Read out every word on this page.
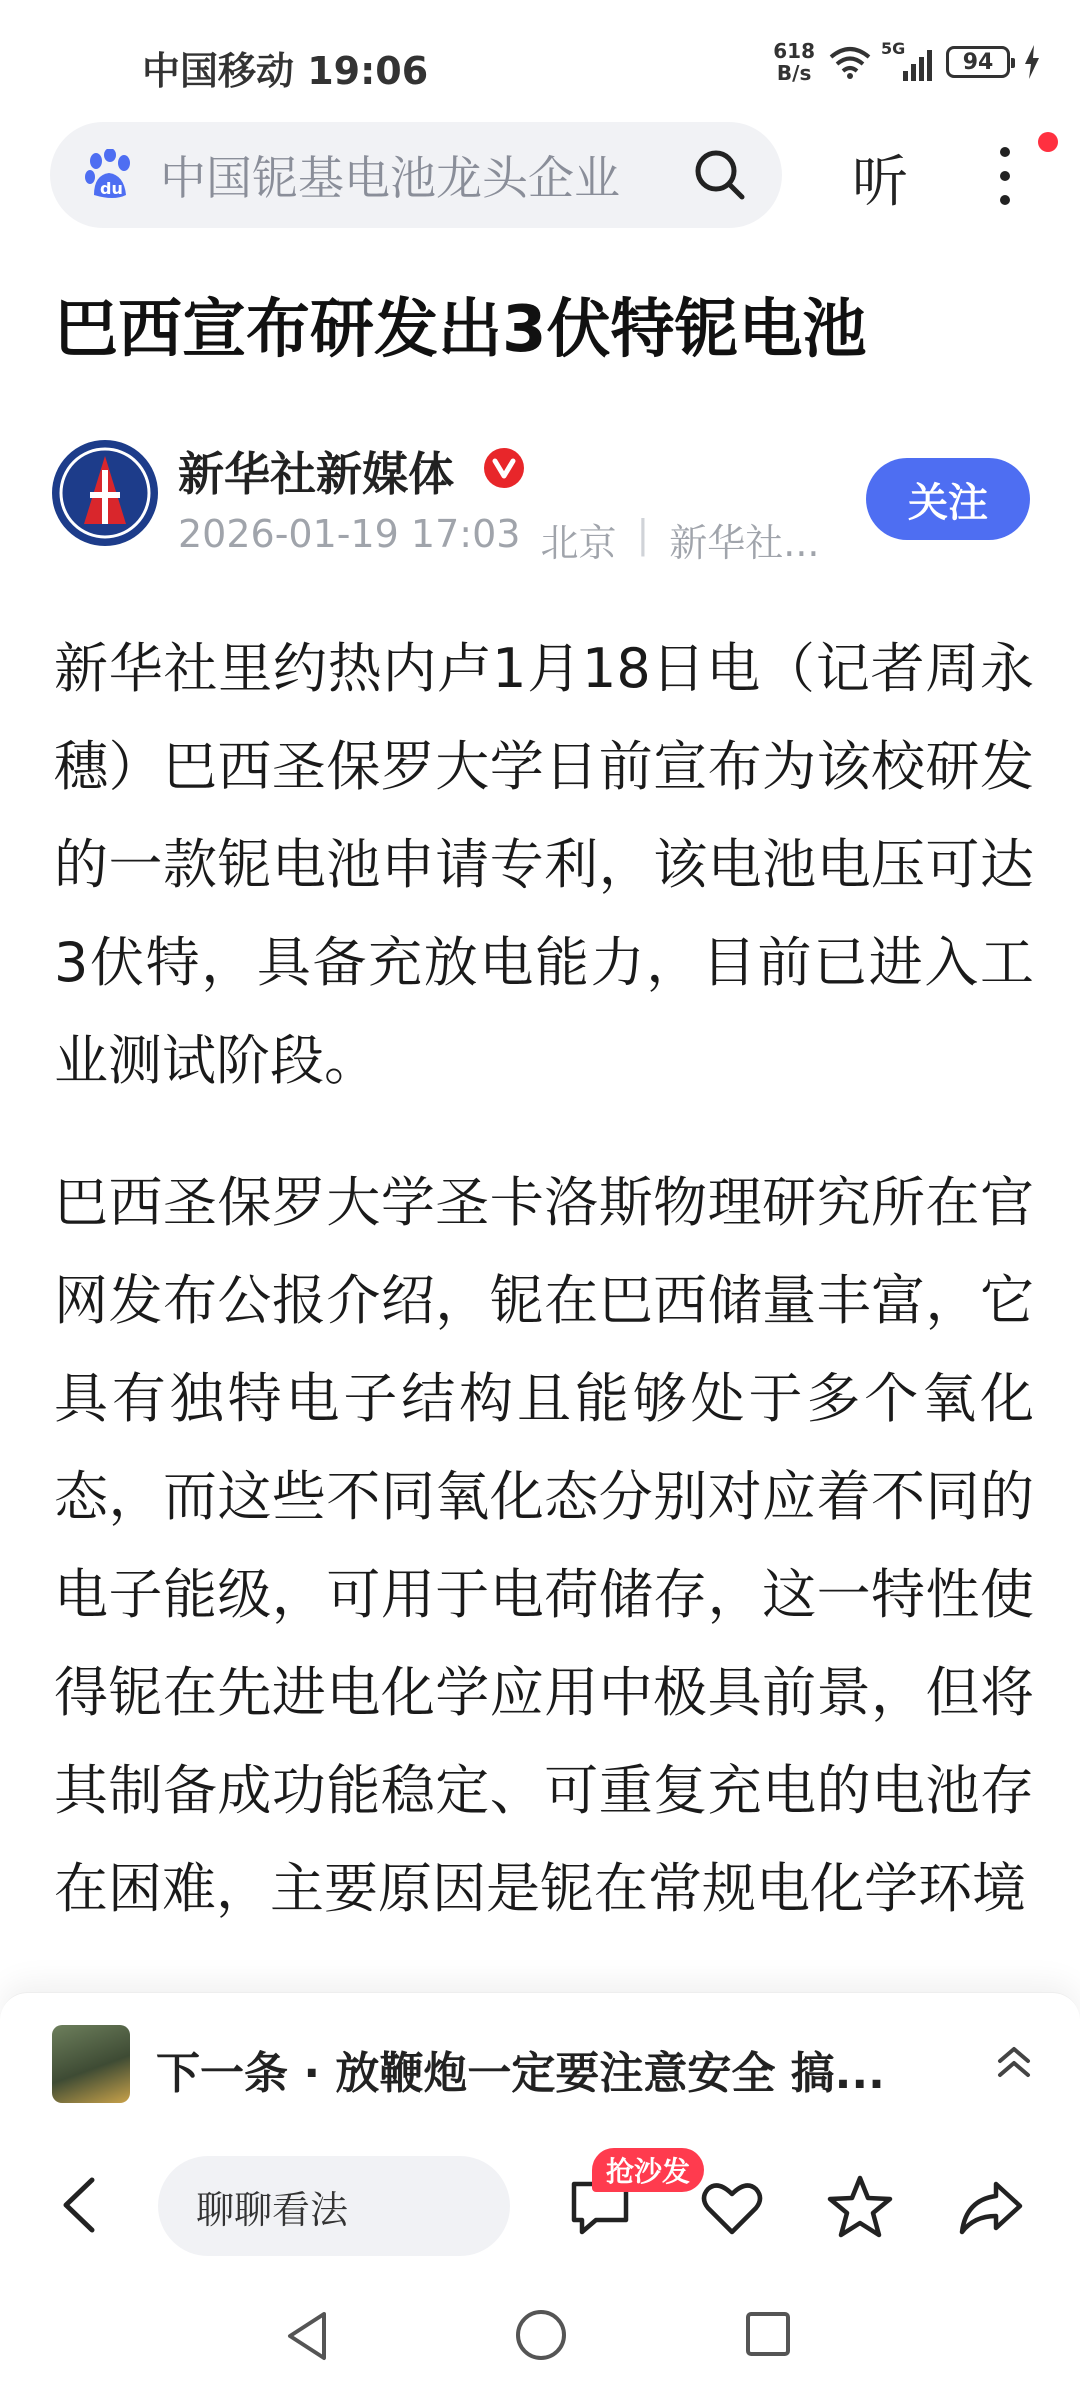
中国移动 19:06	618
B/s
5G
94
du 中国铌基电池龙头企业	听
巴西宣布研发出3伏特铌电池
新华社新媒体
2026-01-19 17:03 北京 | 新华社...
关注

新华社里约热内卢1月18日电（记者周永穗）巴西圣保罗大学日前宣布为该校研发的一款铌电池申请专利，该电池电压可达3伏特，具备充放电能力，目前已进入工业测试阶段。

巴西圣保罗大学圣卡洛斯物理研究所在官网发布公报介绍，铌在巴西储量丰富，它具有独特电子结构且能够处于多个氧化态，而这些不同氧化态分别对应着不同的电子能级，可用于电荷储存，这一特性使得铌在先进电化学应用中极具前景，但将其制备成功能稳定、可重复充电的电池存在困难，主要原因是铌在常规电化学环境

下一条 · 放鞭炮一定要注意安全 搞...
聊聊看法
抢沙发
